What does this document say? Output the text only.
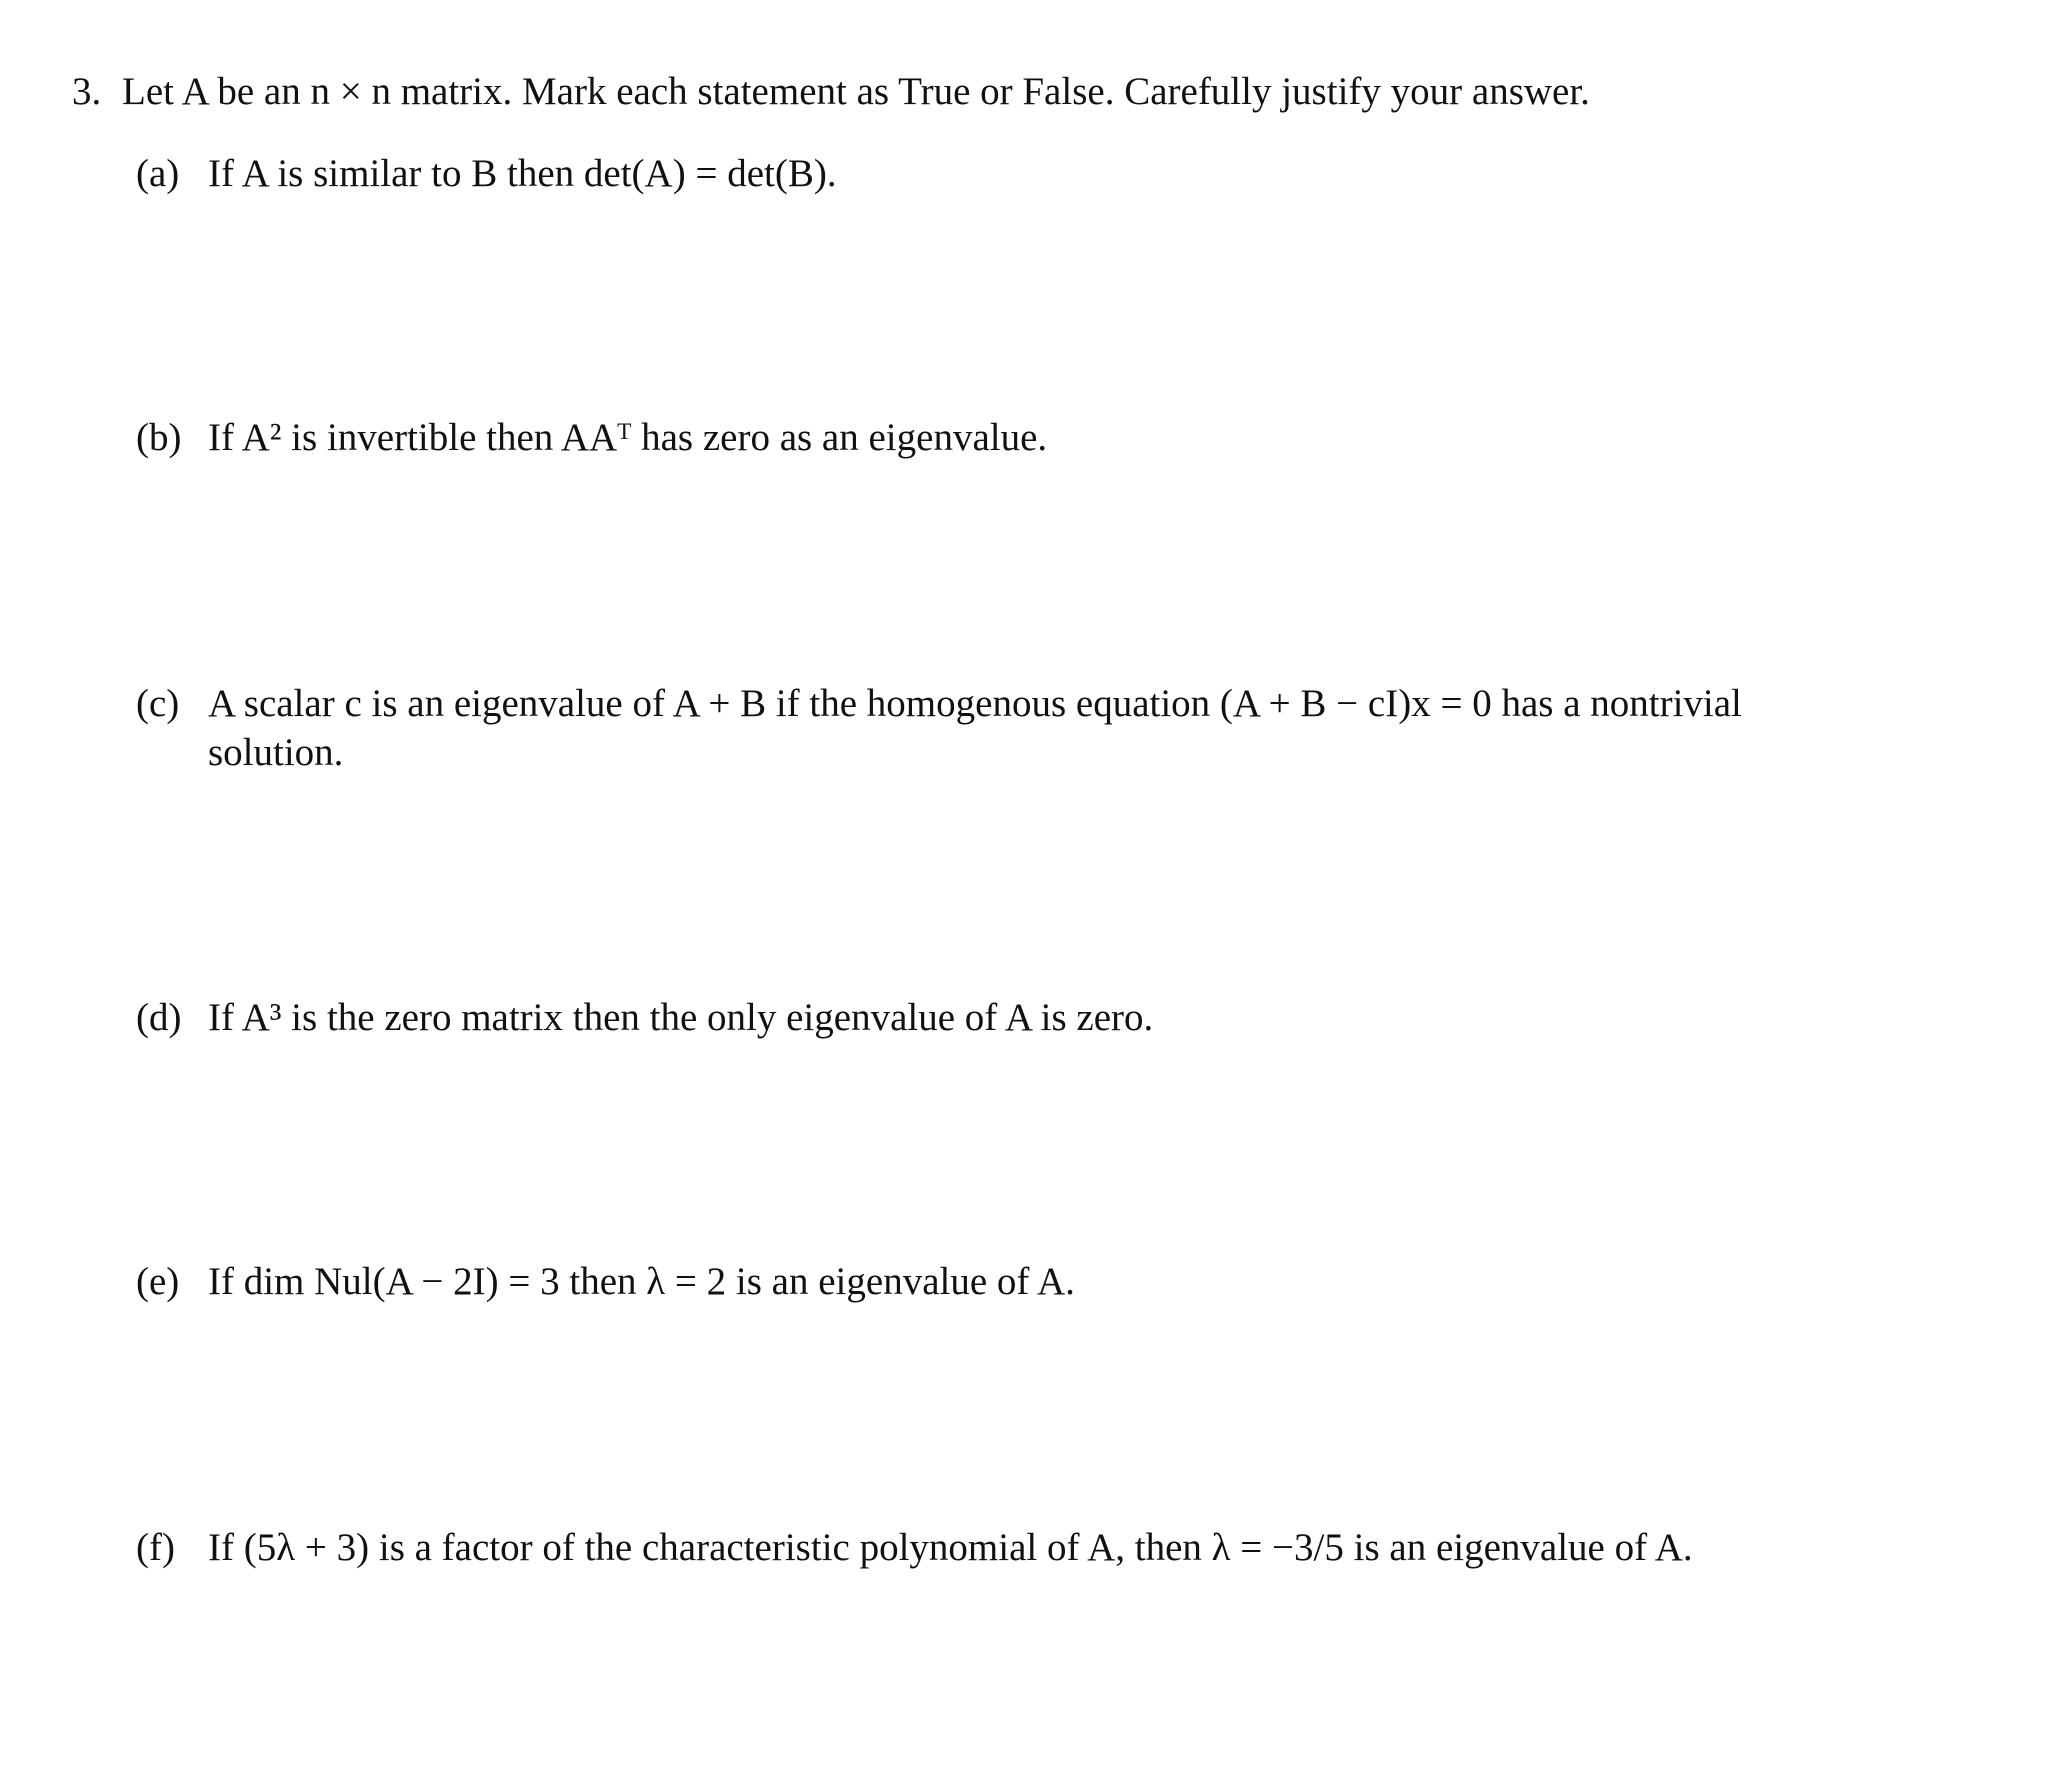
3. Let A be an n × n matrix. Mark each statement as True or False. Carefully justify your answer.
(a) If A is similar to B then det(A) = det(B).
(b) If A² is invertible then AAᵀ has zero as an eigenvalue.
(c) A scalar c is an eigenvalue of A + B if the homogenous equation (A + B − cI)x = 0 has a nontrivial
solution.
(d) If A³ is the zero matrix then the only eigenvalue of A is zero.
(e) If dim Nul(A − 2I) = 3 then λ = 2 is an eigenvalue of A.
(f) If (5λ + 3) is a factor of the characteristic polynomial of A, then λ = −3/5 is an eigenvalue of A.
